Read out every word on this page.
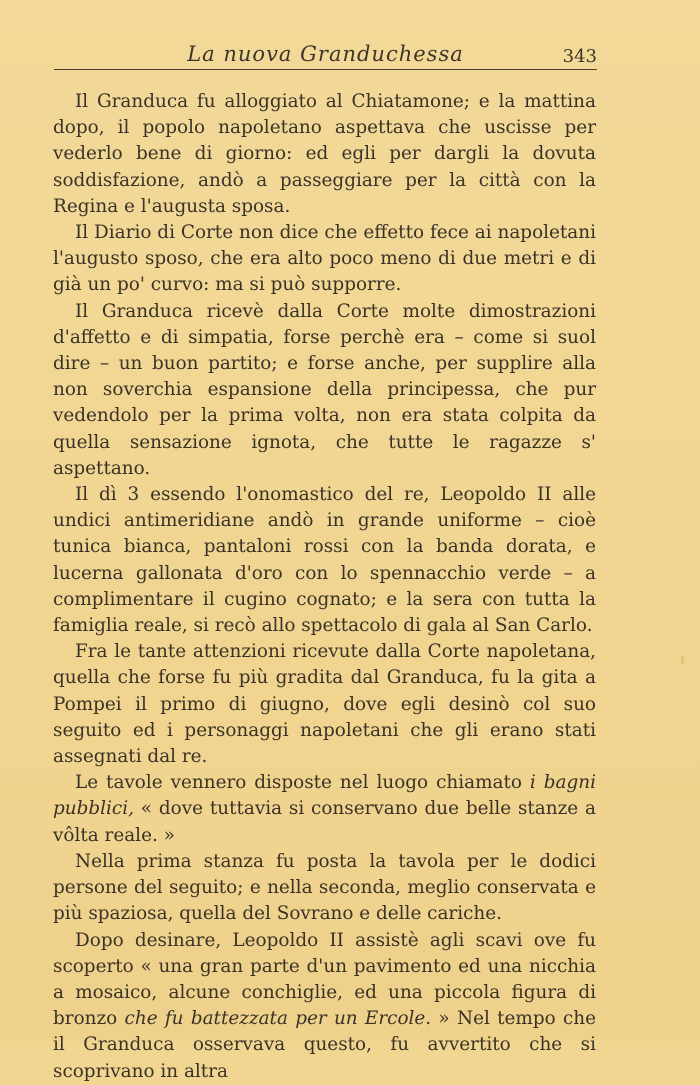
La nuova Granduchessa	343

Il Granduca fu alloggiato al Chiatamone; e la mattina dopo, il popolo napoletano aspettava che uscisse per vederlo bene di giorno: ed egli per dargli la dovuta soddisfazione, andò a passeggiare per la città con la Regina e l'augusta sposa.

Il Diario di Corte non dice che effetto fece ai napoletani l'augusto sposo, che era alto poco meno di due metri e di già un po' curvo: ma si può supporre.

Il Granduca ricevè dalla Corte molte dimostrazioni d'affetto e di simpatia, forse perchè era – come si suol dire – un buon partito; e forse anche, per supplire alla non soverchia espansione della principessa, che pur vedendolo per la prima volta, non era stata colpita da quella sensazione ignota, che tutte le ragazze s' aspettano.

Il dì 3 essendo l'onomastico del re, Leopoldo II alle undici antimeridiane andò in grande uniforme – cioè tunica bianca, pantaloni rossi con la banda dorata, e lucerna gallonata d'oro con lo spennacchio verde – a complimentare il cugino cognato; e la sera con tutta la famiglia reale, si recò allo spettacolo di gala al San Carlo.

Fra le tante attenzioni ricevute dalla Corte napoletana, quella che forse fu più gradita dal Granduca, fu la gita a Pompei il primo di giugno, dove egli desinò col suo seguito ed i personaggi napoletani che gli erano stati assegnati dal re.

Le tavole vennero disposte nel luogo chiamato i bagni pubblici, « dove tuttavia si conservano due belle stanze a vôlta reale. »

Nella prima stanza fu posta la tavola per le dodici persone del seguito; e nella seconda, meglio conservata e più spaziosa, quella del Sovrano e delle cariche.

Dopo desinare, Leopoldo II assistè agli scavi ove fu scoperto « una gran parte d'un pavimento ed una nicchia a mosaico, alcune conchiglie, ed una piccola figura di bronzo che fu battezzata per un Ercole. » Nel tempo che il Granduca osservava questo, fu avvertito che si scoprivano in altra
